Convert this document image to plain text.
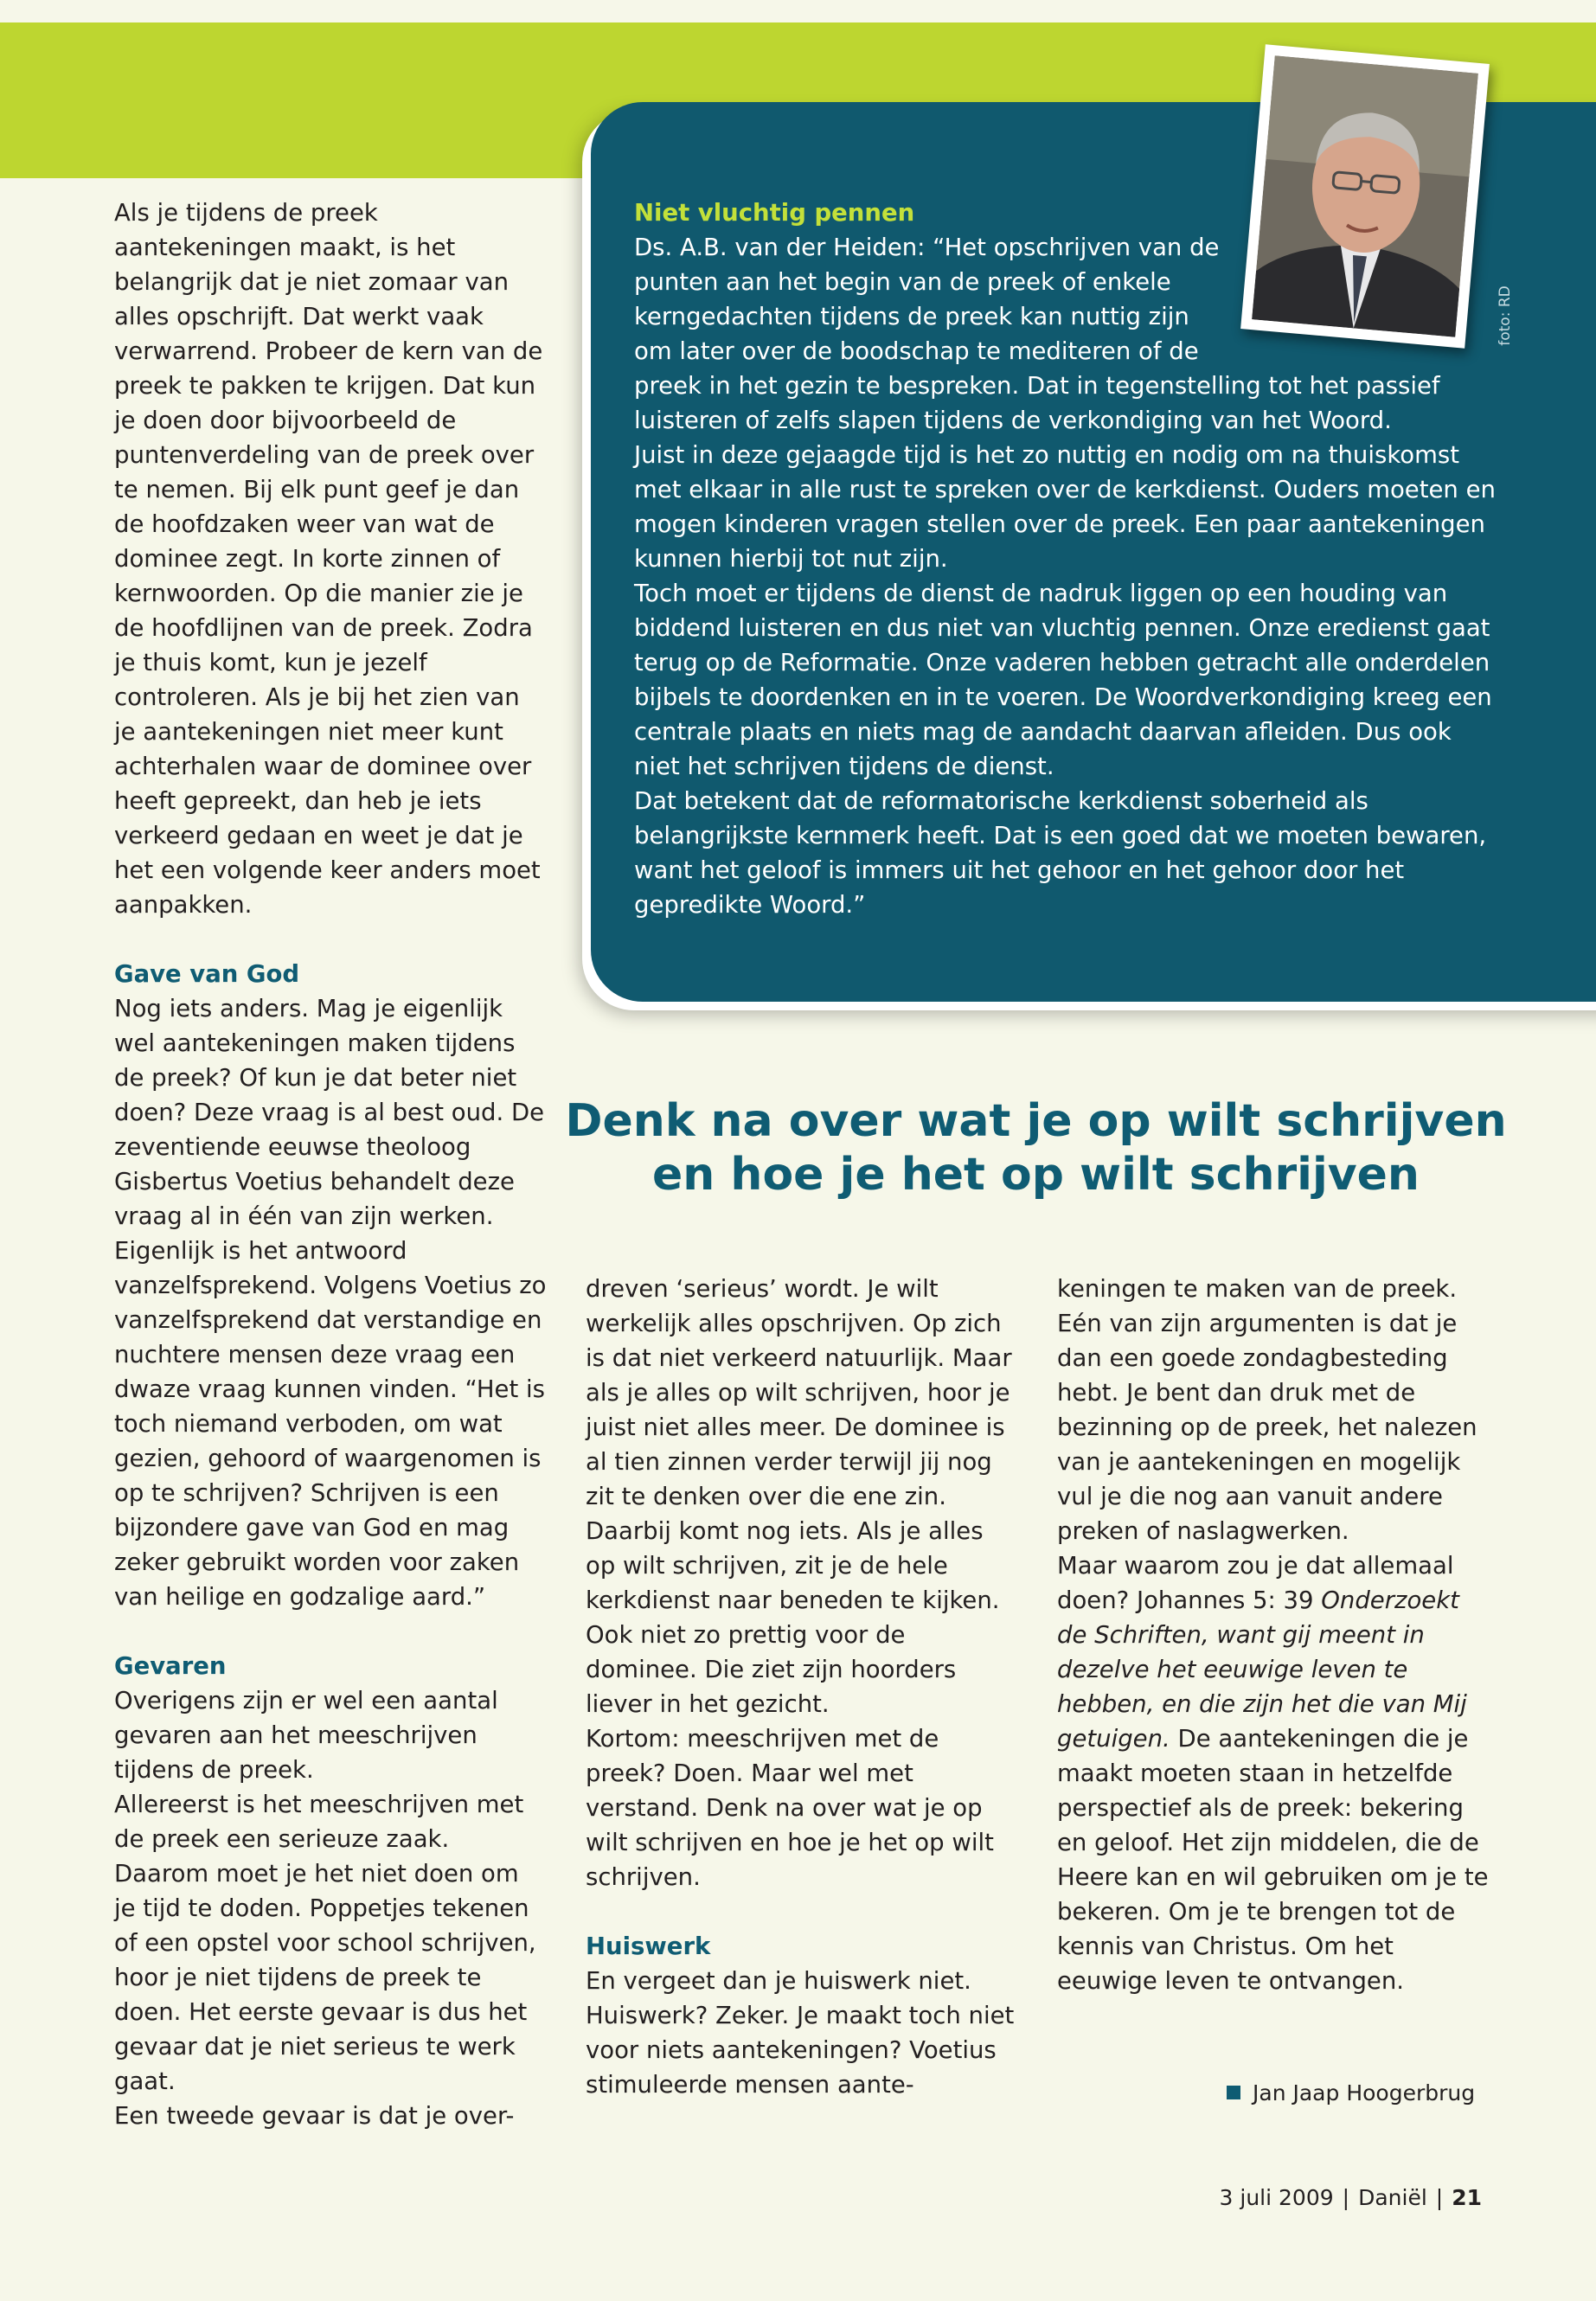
Als je tijdens de preek aantekeningen maakt, is het belangrijk dat je niet zomaar van alles opschrijft. Dat werkt vaak verwarrend. Probeer de kern van de preek te pakken te krijgen. Dat kun je doen door bijvoorbeeld de puntenverdeling van de preek over te nemen. Bij elk punt geef je dan de hoofdzaken weer van wat de dominee zegt. In korte zinnen of kernwoorden. Op die manier zie je de hoofdlijnen van de preek. Zodra je thuis komt, kun je jezelf controleren. Als je bij het zien van je aantekeningen niet meer kunt achterhalen waar de dominee over heeft gepreekt, dan heb je iets verkeerd gedaan en weet je dat je het een volgende keer anders moet aanpakken.

Gave van God

Nog iets anders. Mag je eigenlijk wel aantekeningen maken tijdens de preek? Of kun je dat beter niet doen? Deze vraag is al best oud. De zeventiende eeuwse theoloog Gisbertus Voetius behandelt deze vraag al in één van zijn werken. Eigenlijk is het antwoord vanzelfsprekend. Volgens Voetius zo vanzelfsprekend dat verstandige en nuchtere mensen deze vraag een dwaze vraag kunnen vinden. “Het is toch niemand verboden, om wat gezien, gehoord of waargenomen is op te schrijven? Schrijven is een bijzondere gave van God en mag zeker gebruikt worden voor zaken van heilige en godzalige aard.”

Gevaren

Overigens zijn er wel een aantal gevaren aan het meeschrijven tijdens de preek.

Allereerst is het meeschrijven met de preek een serieuze zaak. Daarom moet je het niet doen om je tijd te doden. Poppetjes tekenen of een opstel voor school schrijven, hoor je niet tijdens de preek te doen. Het eerste gevaar is dus het gevaar dat je niet serieus te werk gaat.

Een tweede gevaar is dat je over-

Niet vluchtig pennen

Ds. A.B. van der Heiden: “Het opschrijven van de punten aan het begin van de preek of enkele kerngedachten tijdens de preek kan nuttig zijn om later over de boodschap te mediteren of de

preek in het gezin te bespreken. Dat in tegenstelling tot het passief luisteren of zelfs slapen tijdens de verkondiging van het Woord.

Juist in deze gejaagde tijd is het zo nuttig en nodig om na thuiskomst met elkaar in alle rust te spreken over de kerkdienst. Ouders moeten en mogen kinderen vragen stellen over de preek. Een paar aantekeningen kunnen hierbij tot nut zijn.

Toch moet er tijdens de dienst de nadruk liggen op een houding van biddend luisteren en dus niet van vluchtig pennen. Onze eredienst gaat terug op de Reformatie. Onze vaderen hebben getracht alle onderdelen bijbels te doordenken en in te voeren. De Woordverkondiging kreeg een centrale plaats en niets mag de aandacht daarvan afleiden. Dus ook niet het schrijven tijdens de dienst.

Dat betekent dat de reformatorische kerkdienst soberheid als belangrijkste kernmerk heeft. Dat is een goed dat we moeten bewaren, want het geloof is immers uit het gehoor en het gehoor door het gepredikte Woord.”

foto: RD
Denk na over wat je op wilt schrijven
en hoe je het op wilt schrijven

dreven ‘serieus’ wordt. Je wilt werkelijk alles opschrijven. Op zich is dat niet verkeerd natuurlijk. Maar als je alles op wilt schrijven, hoor je juist niet alles meer. De dominee is al tien zinnen verder terwijl jij nog zit te denken over die ene zin. Daarbij komt nog iets. Als je alles op wilt schrijven, zit je de hele kerkdienst naar beneden te kijken. Ook niet zo prettig voor de dominee. Die ziet zijn hoorders liever in het gezicht.

Kortom: meeschrijven met de preek? Doen. Maar wel met verstand. Denk na over wat je op wilt schrijven en hoe je het op wilt schrijven.

Huiswerk

En vergeet dan je huiswerk niet. Huiswerk? Zeker. Je maakt toch niet voor niets aantekeningen? Voetius stimuleerde mensen aante-

keningen te maken van de preek. Eén van zijn argumenten is dat je dan een goede zondagbesteding hebt. Je bent dan druk met de bezinning op de preek, het nalezen van je aantekeningen en mogelijk vul je die nog aan vanuit andere preken of naslagwerken.

Maar waarom zou je dat allemaal doen? Johannes 5: 39 Onderzoekt de Schriften, want gij meent in dezelve het eeuwige leven te hebben, en die zijn het die van Mij getuigen. De aantekeningen die je maakt moeten staan in hetzelfde perspectief als de preek: bekering en geloof. Het zijn middelen, die de Heere kan en wil gebruiken om je te bekeren. Om je te brengen tot de kennis van Christus. Om het eeuwige leven te ontvangen.

Jan Jaap Hoogerbrug
3 juli 2009 | Daniël | 21
